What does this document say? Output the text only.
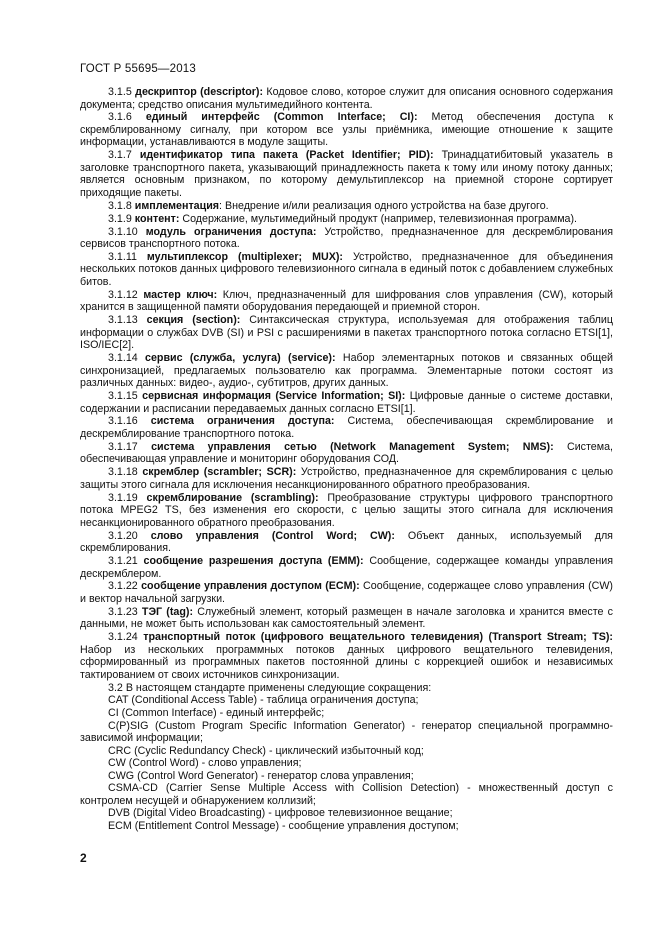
ГОСТ Р 55695—2013

3.1.5 дескриптор (descriptor): Кодовое слово, которое служит для описания основного содержания документа; средство описания мультимедийного контента.

3.1.6 единый интерфейс (Common Interface; CI): Метод обеспечения доступа к скремблированному сигналу, при котором все узлы приёмника, имеющие отношение к защите информации, устанавливаются в модуле защиты.

3.1.7 идентификатор типа пакета (Packet Identifier; PID): Тринадцатибитовый указатель в заголовке транспортного пакета, указывающий принадлежность пакета к тому или иному потоку данных; является основным признаком, по которому демультиплексор на приемной стороне сортирует приходящие пакеты.

3.1.8 имплементация: Внедрение и/или реализация одного устройства на базе другого.

3.1.9 контент: Содержание, мультимедийный продукт (например, телевизионная программа).

3.1.10 модуль ограничения доступа: Устройство, предназначенное для дескремблирования сервисов транспортного потока.

3.1.11 мультиплексор (multiplexer; MUX): Устройство, предназначенное для объединения нескольких потоков данных цифрового телевизионного сигнала в единый поток с добавлением служебных битов.

3.1.12 мастер ключ: Ключ, предназначенный для шифрования слов управления (CW), который хранится в защищенной памяти оборудования передающей и приемной сторон.

3.1.13 секция (section): Синтаксическая структура, используемая для отображения таблиц информации о службах DVB (SI) и PSI с расширениями в пакетах транспортного потока согласно ETSI[1], ISO/IEC[2].

3.1.14 сервис (служба, услуга) (service): Набор элементарных потоков и связанных общей синхронизацией, предлагаемых пользователю как программа. Элементарные потоки состоят из различных данных: видео-, аудио-, субтитров, других данных.

3.1.15 сервисная информация (Service Information; SI): Цифровые данные о системе доставки, содержании и расписании передаваемых данных согласно ETSI[1].

3.1.16 система ограничения доступа: Система, обеспечивающая скремблирование и дескремблирование транспортного потока.

3.1.17 система управления сетью (Network Management System; NMS): Система, обеспечивающая управление и мониторинг оборудования СОД.

3.1.18 скремблер (scrambler; SCR): Устройство, предназначенное для скремблирования с целью защиты этого сигнала для исключения несанкционированного обратного преобразования.

3.1.19 скремблирование (scrambling): Преобразование структуры цифрового транспортного потока MPEG2 TS, без изменения его скорости, с целью защиты этого сигнала для исключения несанкционированного обратного преобразования.

3.1.20 слово управления (Control Word; CW): Объект данных, используемый для скремблирования.

3.1.21 сообщение разрешения доступа (EMM): Сообщение, содержащее команды управления дескремблером.

3.1.22 сообщение управления доступом (ECM): Сообщение, содержащее слово управления (CW) и вектор начальной загрузки.

3.1.23 ТЭГ (tag): Служебный элемент, который размещен в начале заголовка и хранится вместе с данными, не может быть использован как самостоятельный элемент.

3.1.24 транспортный поток (цифрового вещательного телевидения) (Transport Stream; TS): Набор из нескольких программных потоков данных цифрового вещательного телевидения, сформированный из программных пакетов постоянной длины с коррекцией ошибок и независимых тактированием от своих источников синхронизации.

3.2 В настоящем стандарте применены следующие сокращения:

CAT (Conditional Access Table) - таблица ограничения доступа;

CI (Common Interface) - единый интерфейс;

C(P)SIG (Custom Program Specific Information Generator) - генератор специальной программно-зависимой информации;

CRC (Cyclic Redundancy Check) - циклический избыточный код;

CW (Control Word) - слово управления;

CWG (Control Word Generator) - генератор слова управления;

CSMA-CD (Carrier Sense Multiple Access with Collision Detection) - множественный доступ с контролем несущей и обнаружением коллизий;

DVB (Digital Video Broadcasting) - цифровое телевизионное вещание;

ECM (Entitlement Control Message) - сообщение управления доступом;

2
